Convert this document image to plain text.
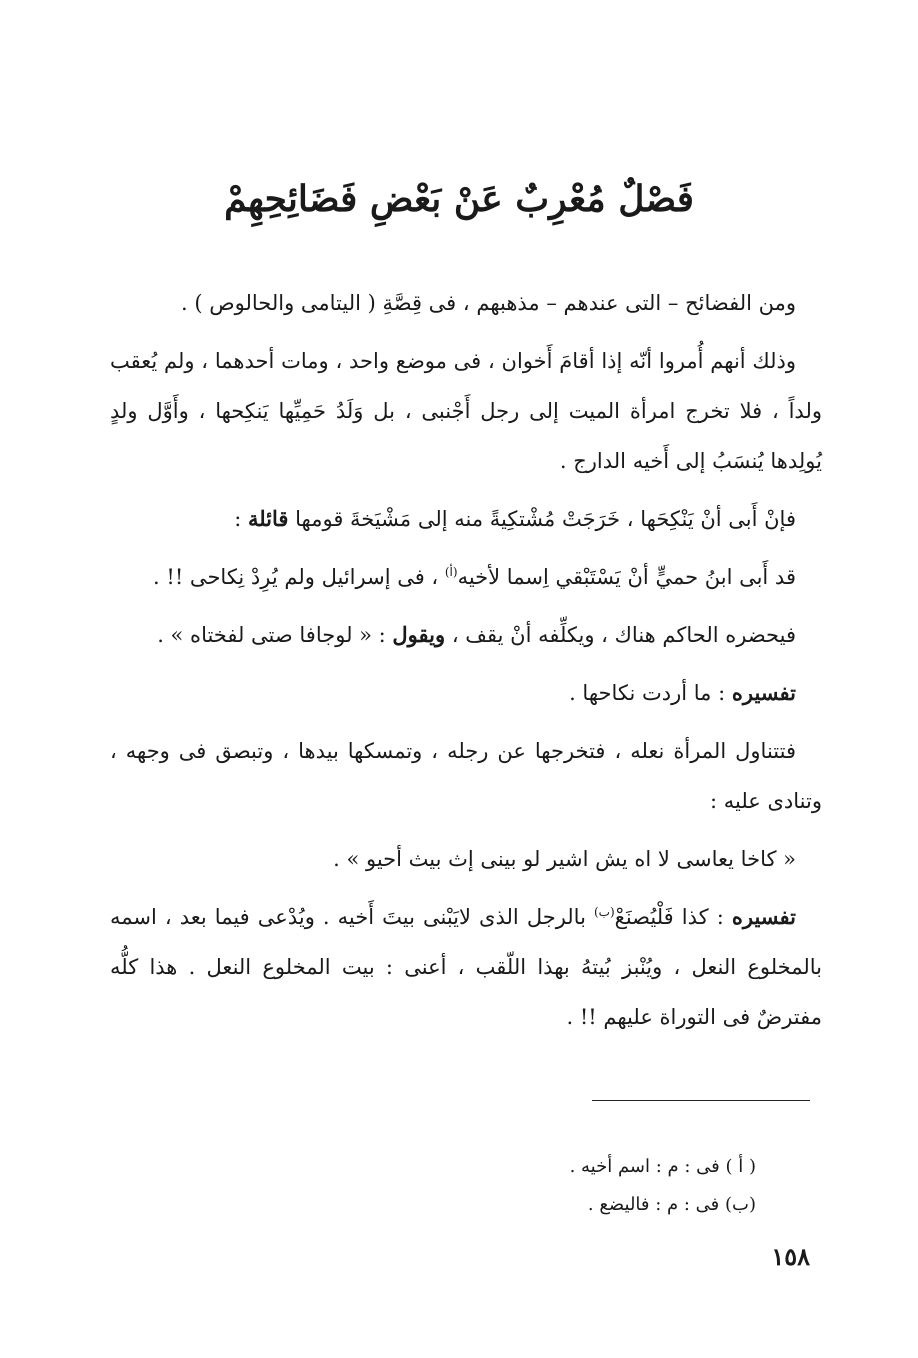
فَصْلٌ مُعْرِبٌ عَنْ بَعْضِ فَضَائِحِهِمْ

ومن الفضائح – التى عندهم – مذهبهم ، فى قِصَّةِ ( اليتامى والحالوص ) .

وذلك أنهم أُمروا أنّه إذا أقامَ أَخوان ، فى موضع واحد ، ومات أحدهما ، ولم يُعقب ولداً ، فلا تخرج امرأة الميت إلى رجل أَجْنبى ، بل وَلَدُ حَمِيِّها يَنكِحها ، وأَوَّل ولدٍ يُولِدها يُنسَبُ إلى أَخيه الدارج .

فإنْ أَبى أنْ يَنْكِحَها ، خَرَجَتْ مُشْتكِيةً منه إلى مَشْيَخةَ قومها قائلة :

قد أَبى ابنُ حميٍّ أنْ يَسْتَبْقي اِسما لأخيه$^{(أ)}$ ، فى إسرائيل ولم يُرِدْ نِكاحى !! .

فيحضره الحاكم هناك ، ويكلِّفه أنْ يقف ، ويقول : « لوجافا صتى لفختاه » .

تفسيره : ما أردت نكاحها .

فتتناول المرأة نعله ، فتخرجها عن رجله ، وتمسكها بيدها ، وتبصق فى وجهه ، وتنادى عليه :

« كاخا يعاسى لا اه يش اشير لو بينى إث بيث أحيو » .

تفسيره : كذا فَلْيُصنَعْ$^{(ب)}$ بالرجل الذى لايَبْنى بيتَ أَخيه . ويُدْعى فيما بعد ، اسمه بالمخلوع النعل ، ويُنْبز بُيتهُ بهذا اللّقب ، أعنى : بيت المخلوع النعل . هذا كلُّه مفترضٌ فى التوراة عليهم !! .

( أ ) فى : م : اسم أخيه .
(ب) فى : م : فاليضع .
١٥٨
